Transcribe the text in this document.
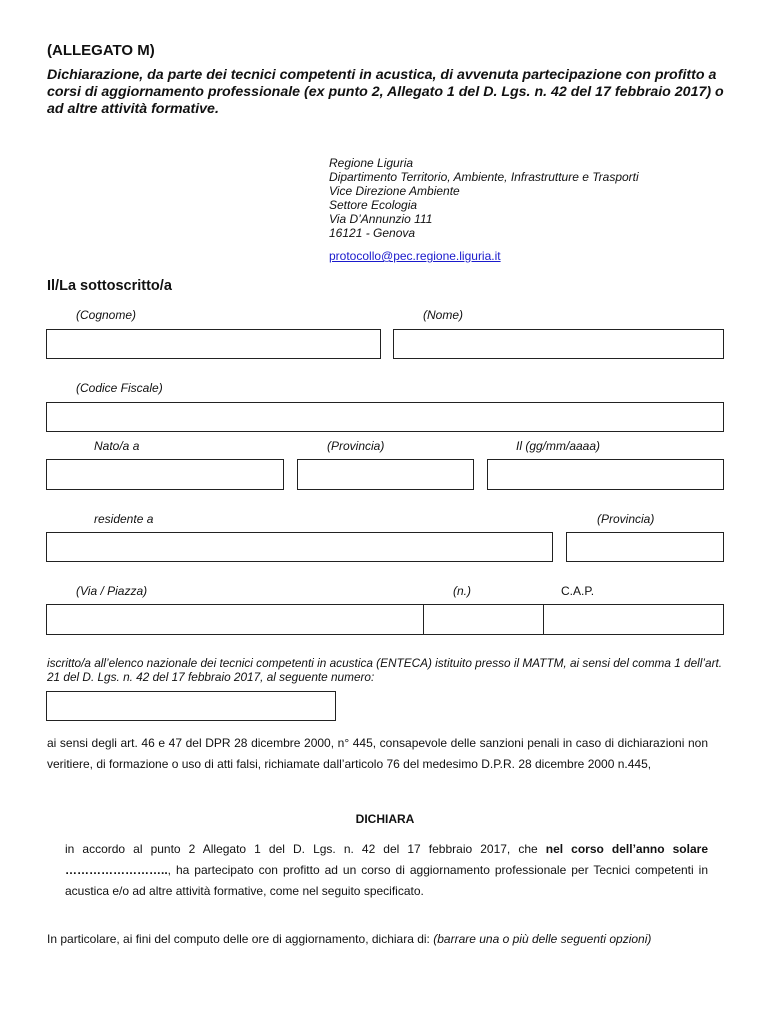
(ALLEGATO M)
Dichiarazione, da parte dei tecnici competenti in acustica, di avvenuta partecipazione con profitto a corsi di aggiornamento professionale (ex punto 2, Allegato 1 del D. Lgs. n. 42 del 17 febbraio 2017) o ad altre attività formative.
Regione Liguria
Dipartimento Territorio, Ambiente, Infrastrutture e Trasporti
Vice Direzione Ambiente
Settore Ecologia
Via D’Annunzio 111
16121 - Genova
protocollo@pec.regione.liguria.it
Il/La sottoscritto/a
(Cognome)	(Nome)
(Codice Fiscale)
Nato/a a	(Provincia)	Il (gg/mm/aaaa)
residente a	(Provincia)
(Via / Piazza)	(n.)	C.A.P.
iscritto/a all’elenco nazionale dei tecnici competenti in acustica (ENTECA) istituito presso il MATTM, ai sensi del comma 1 dell’art. 21 del D. Lgs. n. 42 del 17 febbraio 2017, al seguente numero:
ai sensi degli art. 46 e 47 del DPR 28 dicembre 2000, n° 445, consapevole delle sanzioni penali in caso di dichiarazioni non veritiere, di formazione o uso di atti falsi, richiamate dall’articolo 76 del medesimo D.P.R. 28 dicembre 2000 n.445,
DICHIARA
in accordo al punto 2 Allegato 1 del D. Lgs. n. 42 del 17 febbraio 2017, che nel corso dell’anno solare …………………….., ha partecipato con profitto ad un corso di aggiornamento professionale per Tecnici competenti in acustica e/o ad altre attività formative, come nel seguito specificato.
In particolare, ai fini del computo delle ore di aggiornamento, dichiara di: (barrare una o più delle seguenti opzioni)
